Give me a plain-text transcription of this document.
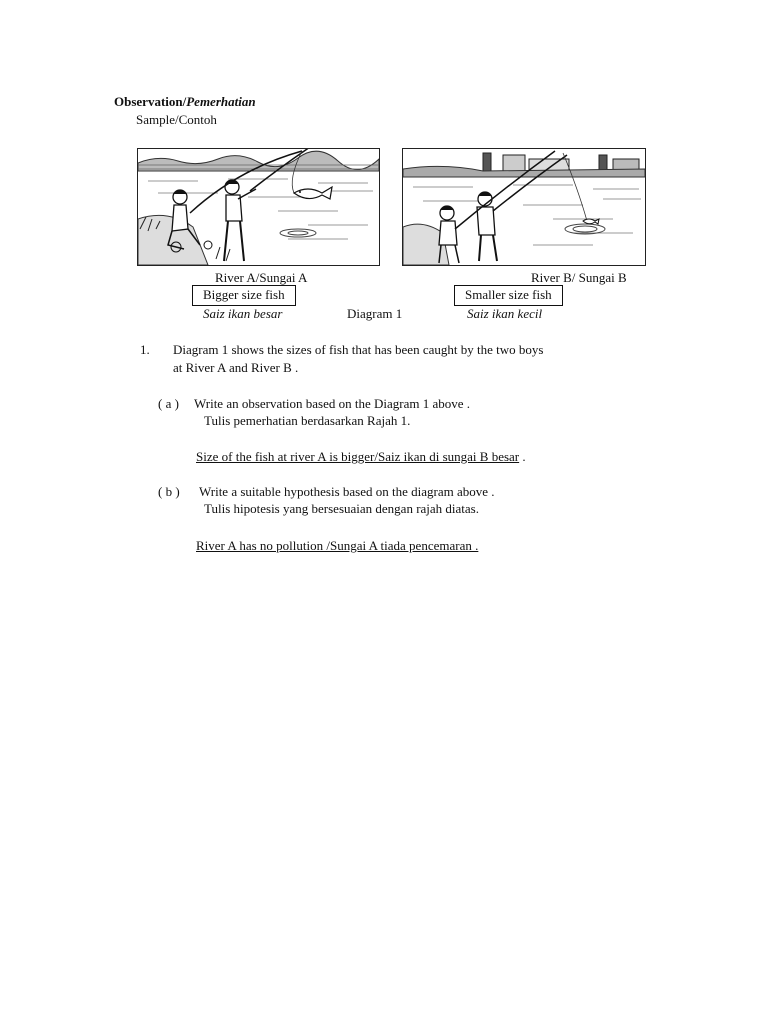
Observation/Pemerhatian
Sample/Contoh
River A/Sungai A	River B/ Sungai B
Bigger size fish	Smaller size fish
Saiz ikan besar	Diagram 1	Saiz ikan kecil
1. Diagram 1 shows the sizes of fish that has been caught by the two boys
at River A and River B .
( a ) Write an observation based on the Diagram 1 above .
Tulis pemerhatian berdasarkan Rajah 1.
Size of the fish at river A is bigger/Saiz ikan di sungai B besar .
( b ) Write a suitable hypothesis based on the diagram above .
Tulis hipotesis yang bersesuaian dengan rajah diatas.
River A has no pollution /Sungai A tiada pencemaran .
